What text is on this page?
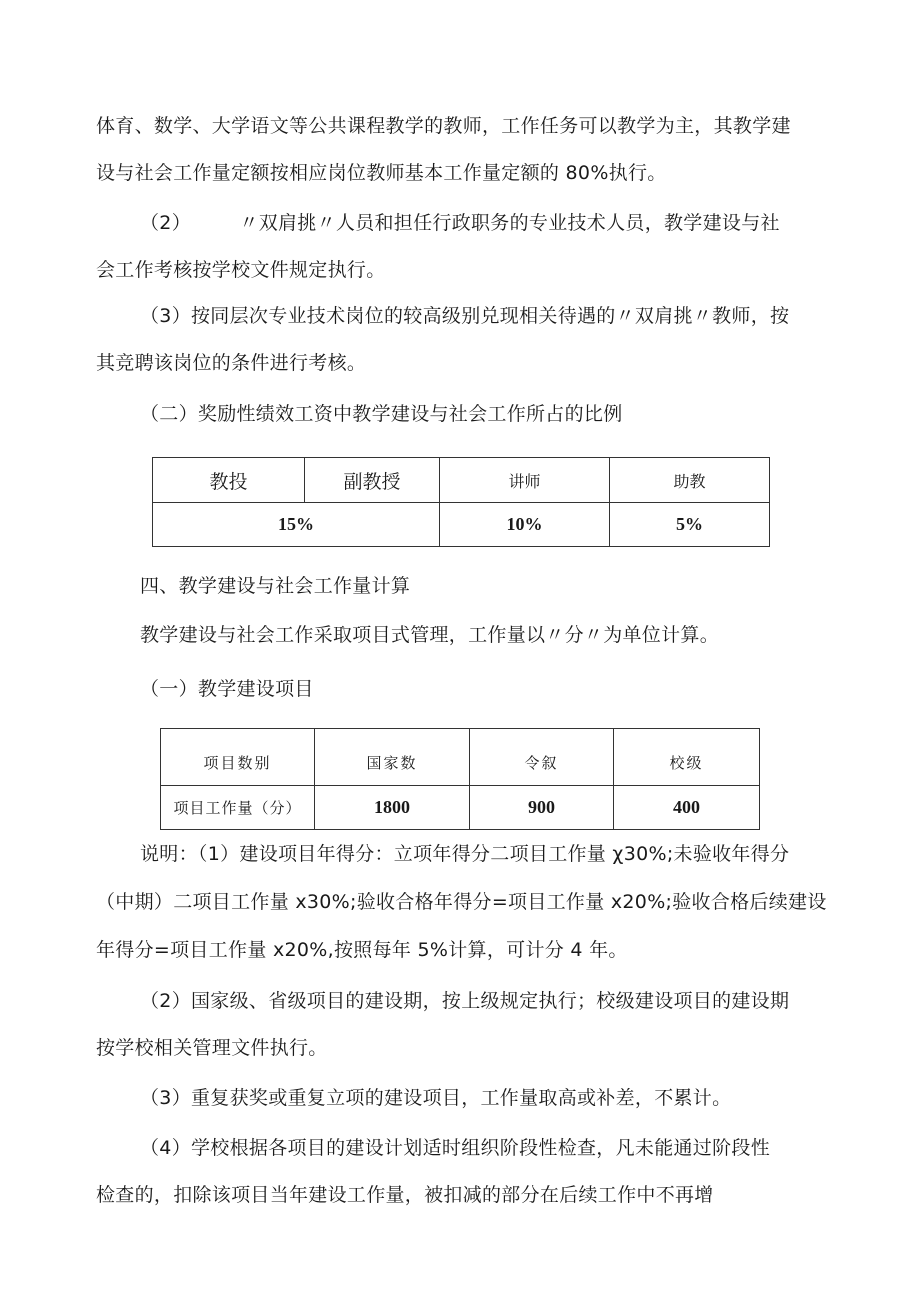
体育、数学、大学语文等公共课程教学的教师，工作任务可以教学为主，其教学建
设与社会工作量定额按相应岗位教师基本工作量定额的 80%执行。
（2）　　　〃双肩挑〃人员和担任行政职务的专业技术人员，教学建设与社
会工作考核按学校文件规定执行。
（3）按同层次专业技术岗位的较高级别兑现相关待遇的〃双肩挑〃教师，按
其竞聘该岗位的条件进行考核。
（二）奖励性绩效工资中教学建设与社会工作所占的比例
教投	副教授	讲师	助教
15%		10%	5%
四、教学建设与社会工作量计算
教学建设与社会工作采取项目式管理，工作量以〃分〃为单位计算。
（一）教学建设项目
项目数别	国家数	令叙	校级
项目工作量（分）	1800	900	400
说明：（1）建设项目年得分：立项年得分二项目工作量 χ30%;未验收年得分
（中期）二项目工作量 x30%;验收合格年得分=项目工作量 x20%;验收合格后续建设
年得分=项目工作量 x20%,按照每年 5%计算，可计分 4 年。
（2）国家级、省级项目的建设期，按上级规定执行；校级建设项目的建设期
按学校相关管理文件执行。
（3）重复获奖或重复立项的建设项目，工作量取高或补差，不累计。
（4）学校根据各项目的建设计划适时组织阶段性检查，凡未能通过阶段性
检查的，扣除该项目当年建设工作量，被扣减的部分在后续工作中不再增
